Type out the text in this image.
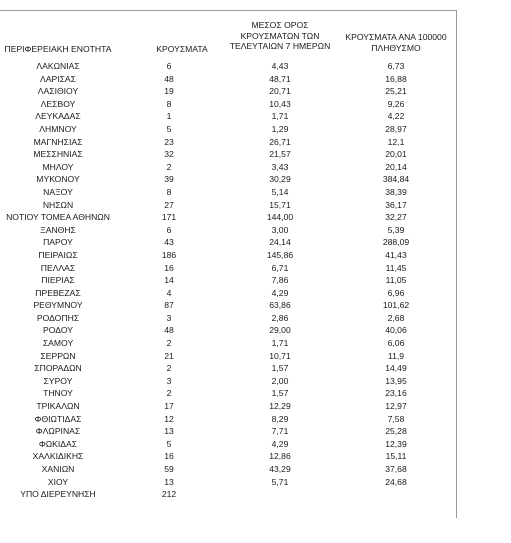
ΠΕΡΙΦΕΡΕΙΑΚΗ ΕΝΟΤΗΤΑ	ΚΡΟΥΣΜΑΤΑ
ΜΕΣΟΣ ΟΡΟΣ
ΚΡΟΥΣΜΑΤΩΝ ΤΩΝ
ΤΕΛΕΥΤΑΙΩΝ 7 ΗΜΕΡΩΝ
ΚΡΟΥΣΜΑΤΑ ΑΝΑ 100000
ΠΛΗΘΥΣΜΟ
ΛΑΚΩΝΙΑΣ	6	4,43	6,73
ΛΑΡΙΣΑΣ	48	48,71	16,88
ΛΑΣΙΘΙΟΥ	19	20,71	25,21
ΛΕΣΒΟΥ	8	10,43	9,26
ΛΕΥΚΑΔΑΣ	1	1,71	4,22
ΛΗΜΝΟΥ	5	1,29	28,97
ΜΑΓΝΗΣΙΑΣ	23	26,71	12,1
ΜΕΣΣΗΝΙΑΣ	32	21,57	20,01
ΜΗΛΟΥ	2	3,43	20,14
ΜΥΚΟΝΟΥ	39	30,29	384,84
ΝΑΞΟΥ	8	5,14	38,39
ΝΗΣΩΝ	27	15,71	36,17
ΝΟΤΙΟΥ ΤΟΜΕΑ ΑΘΗΝΩΝ	171	144,00	32,27
ΞΑΝΘΗΣ	6	3,00	5,39
ΠΑΡΟΥ	43	24,14	288,09
ΠΕΙΡΑΙΩΣ	186	145,86	41,43
ΠΕΛΛΑΣ	16	6,71	11,45
ΠΙΕΡΙΑΣ	14	7,86	11,05
ΠΡΕΒΕΖΑΣ	4	4,29	6,96
ΡΕΘΥΜΝΟΥ	87	63,86	101,62
ΡΟΔΟΠΗΣ	3	2,86	2,68
ΡΟΔΟΥ	48	29,00	40,06
ΣΑΜΟΥ	2	1,71	6,06
ΣΕΡΡΩΝ	21	10,71	11,9
ΣΠΟΡΑΔΩΝ	2	1,57	14,49
ΣΥΡΟΥ	3	2,00	13,95
ΤΗΝΟΥ	2	1,57	23,16
ΤΡΙΚΑΛΩΝ	17	12,29	12,97
ΦΘΙΩΤΙΔΑΣ	12	8,29	7,58
ΦΛΩΡΙΝΑΣ	13	7,71	25,28
ΦΩΚΙΔΑΣ	5	4,29	12,39
ΧΑΛΚΙΔΙΚΗΣ	16	12,86	15,11
ΧΑΝΙΩΝ	59	43,29	37,68
ΧΙΟΥ	13	5,71	24,68
ΥΠΟ ΔΙΕΡΕΥΝΗΣΗ	212
